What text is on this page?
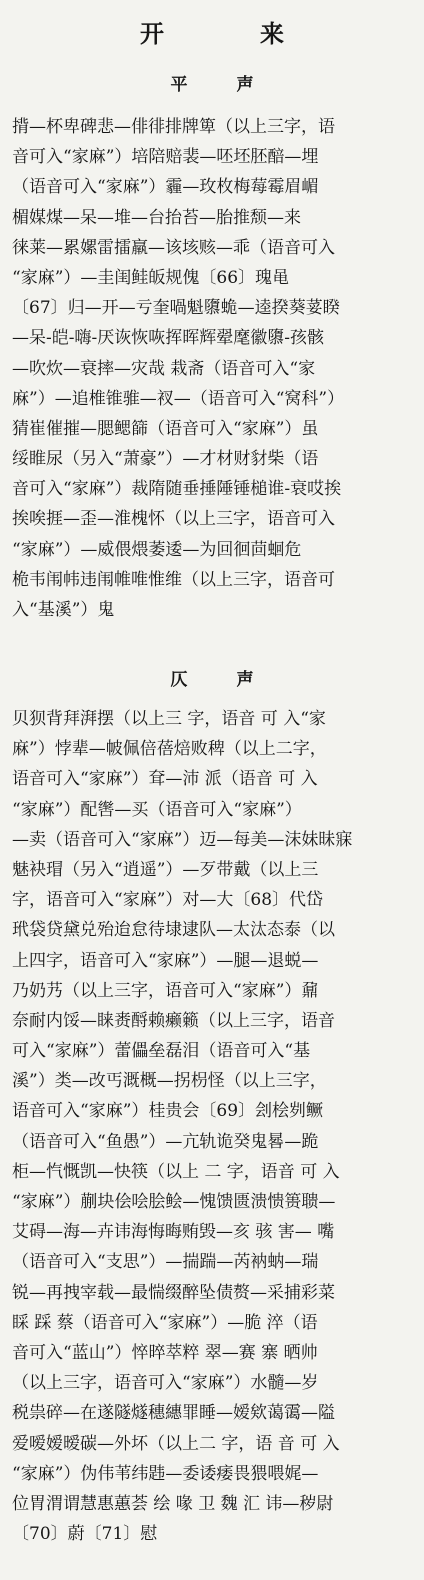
开　来
平　声
揹—杯卑碑悲—俳徘排牌箄（以上三字，语
音可入“家麻”）培陪赔裴—呸坯胚醅—埋
（语音可入“家麻”）霾—玫枚梅莓霉眉嵋
楣媒煤—呆—堆—台抬苔—胎推颓—来
徕莱—累嫘雷擂羸—该垓赅—乖（语音可入
“家麻”）—圭闺鲑皈规傀〔66〕瑰黾
〔67〕归—开—亏奎喎魁隳蛫—逵揆葵荽睽
—呆-皑-嗨-厌诙恢咴挥晖辉翚麾徽隳-孩骸
—吹炊—衰摔—灾哉 栽斋（语音可入“家
麻”）—追椎锥骓—衩—（语音可入“窝科”）
猜崔催摧—腮鳃篩（语音可入“家麻”）虽
绥睢尿（另入“萧豪”）—才材财豺柴（语
音可入“家麻”）裁隋随垂捶陲锤槌谁-衰哎挨
挨唉捱—歪—淮槐怀（以上三字，语音可入
“家麻”）—威偎煨萎逶—为回徊茴蛔危
桅韦闱帏违闱帷唯惟维（以上三字，语音可
入“基溪”）鬼
仄　声
贝狈背拜湃摆（以上三 字，语音 可 入“家
麻”）悖辈—帔佩倍蓓焙败稗（以上二字，
语音可入“家麻”）耷—沛 派（语音 可 入
“家麻”）配辔—买（语音可入“家麻”）
—卖（语音可入“家麻”）迈—每美—沫妹昧寐
魅袂瑁（另入“逍遥”）—歹带戴（以上三
字，语音可入“家麻”）对—大〔68〕代岱
玳袋贷黛兑殆迨怠待埭逮队—太汰态泰（以
上四字，语音可入“家麻”）—腿—退蜕—
乃奶艿（以上三字，语音可入“家麻”）鼐
奈耐内馁—睐赉酹赖癞籁（以上三字，语音
可入“家麻”）蕾儡垒磊泪（语音可入“基
溪”）类—改丐溉概—拐枴怪（以上三字，
语音可入“家麻”）桂贵会〔69〕刽桧刿鳜
（语音可入“鱼愚”）—亢轨诡癸鬼晷—跪
柜—忾慨凯—快筷（以上 二 字，语音 可 入
“家麻”）蒯块侩哙脍鲙—愧馈匮溃愦篑聩—
艾碍—海—卉讳海悔晦贿毁—亥 骇 害— 嘴
（语音可入“支思”）—揣踹—芮衲蚋—瑞
锐—再拽宰载—最惴缀醉坠债赘—采捕彩菜
睬 踩 蔡（语音可入“家麻”）—脆 淬（语
音可入“蓝山”）悴晬萃粹 翠—赛 寨 晒帅
（以上三字，语音可入“家麻”）水髓—岁
税祟碎—在遂隧燧穗繐罪睡—嫒欸蔼霭—隘
爱嗳嫒暧碳—外坏（以上二 字，语 音 可 入
“家麻”）伪伟苇纬韪—委诿痿畏猥喂娓—
位胃渭谓慧惠蕙荟 绘 喙 卫 魏 汇 讳—秽尉
〔70〕蔚〔71〕慰
